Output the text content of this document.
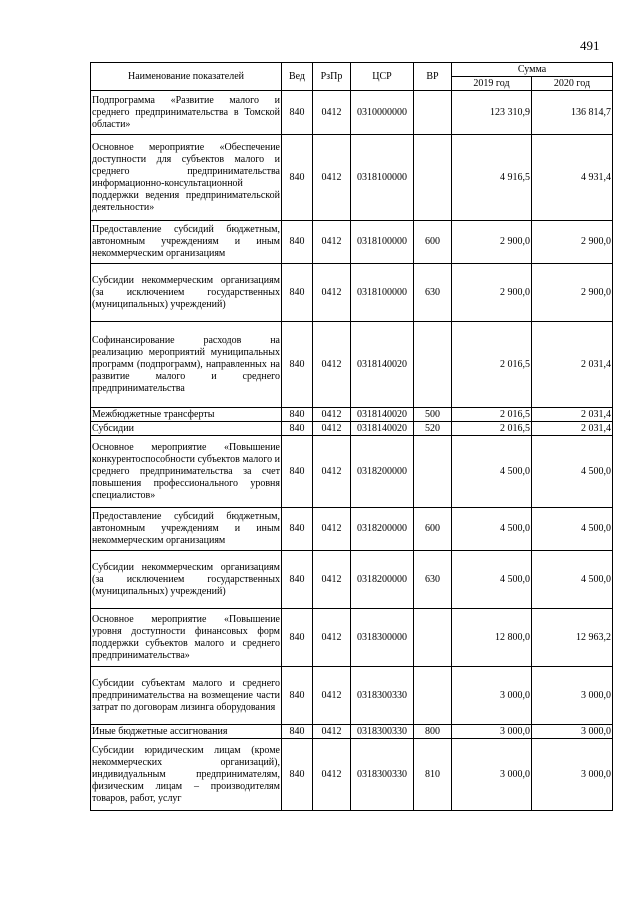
491
Наименование показателей	Вед	РзПр	ЦСР	ВР	Сумма	
					2019 год	2020 год
Подпрограмма «Развитие малого и среднего предпринимательства в Томской области»	840	0412	0310000000		123 310,9	136 814,7
Основное мероприятие «Обеспечение доступности для субъектов малого и среднего предпринимательства информационно-консультационной поддержки ведения предпринимательской деятельности»	840	0412	0318100000		4 916,5	4 931,4
Предоставление субсидий бюджетным, автономным учреждениям и иным некоммерческим организациям	840	0412	0318100000	600	2 900,0	2 900,0
Субсидии некоммерческим организациям (за исключением государственных (муниципальных) учреждений)	840	0412	0318100000	630	2 900,0	2 900,0
Софинансирование расходов на реализацию мероприятий муниципальных программ (подпрограмм), направленных на развитие малого и среднего предпринимательства	840	0412	0318140020		2 016,5	2 031,4
Межбюджетные трансферты	840	0412	0318140020	500	2 016,5	2 031,4
Субсидии	840	0412	0318140020	520	2 016,5	2 031,4
Основное мероприятие «Повышение конкурентоспособности субъектов малого и среднего предпринимательства за счет повышения профессионального уровня специалистов»	840	0412	0318200000		4 500,0	4 500,0
Предоставление субсидий бюджетным, автономным учреждениям и иным некоммерческим организациям	840	0412	0318200000	600	4 500,0	4 500,0
Субсидии некоммерческим организациям (за исключением государственных (муниципальных) учреждений)	840	0412	0318200000	630	4 500,0	4 500,0
Основное мероприятие «Повышение уровня доступности финансовых форм поддержки субъектов малого и среднего предпринимательства»	840	0412	0318300000		12 800,0	12 963,2
Субсидии субъектам малого и среднего предпринимательства на возмещение части затрат по договорам лизинга оборудования	840	0412	0318300330		3 000,0	3 000,0
Иные бюджетные ассигнования	840	0412	0318300330	800	3 000,0	3 000,0
Субсидии юридическим лицам (кроме некоммерческих организаций), индивидуальным предпринимателям, физическим лицам – производителям товаров, работ, услуг	840	0412	0318300330	810	3 000,0	3 000,0
